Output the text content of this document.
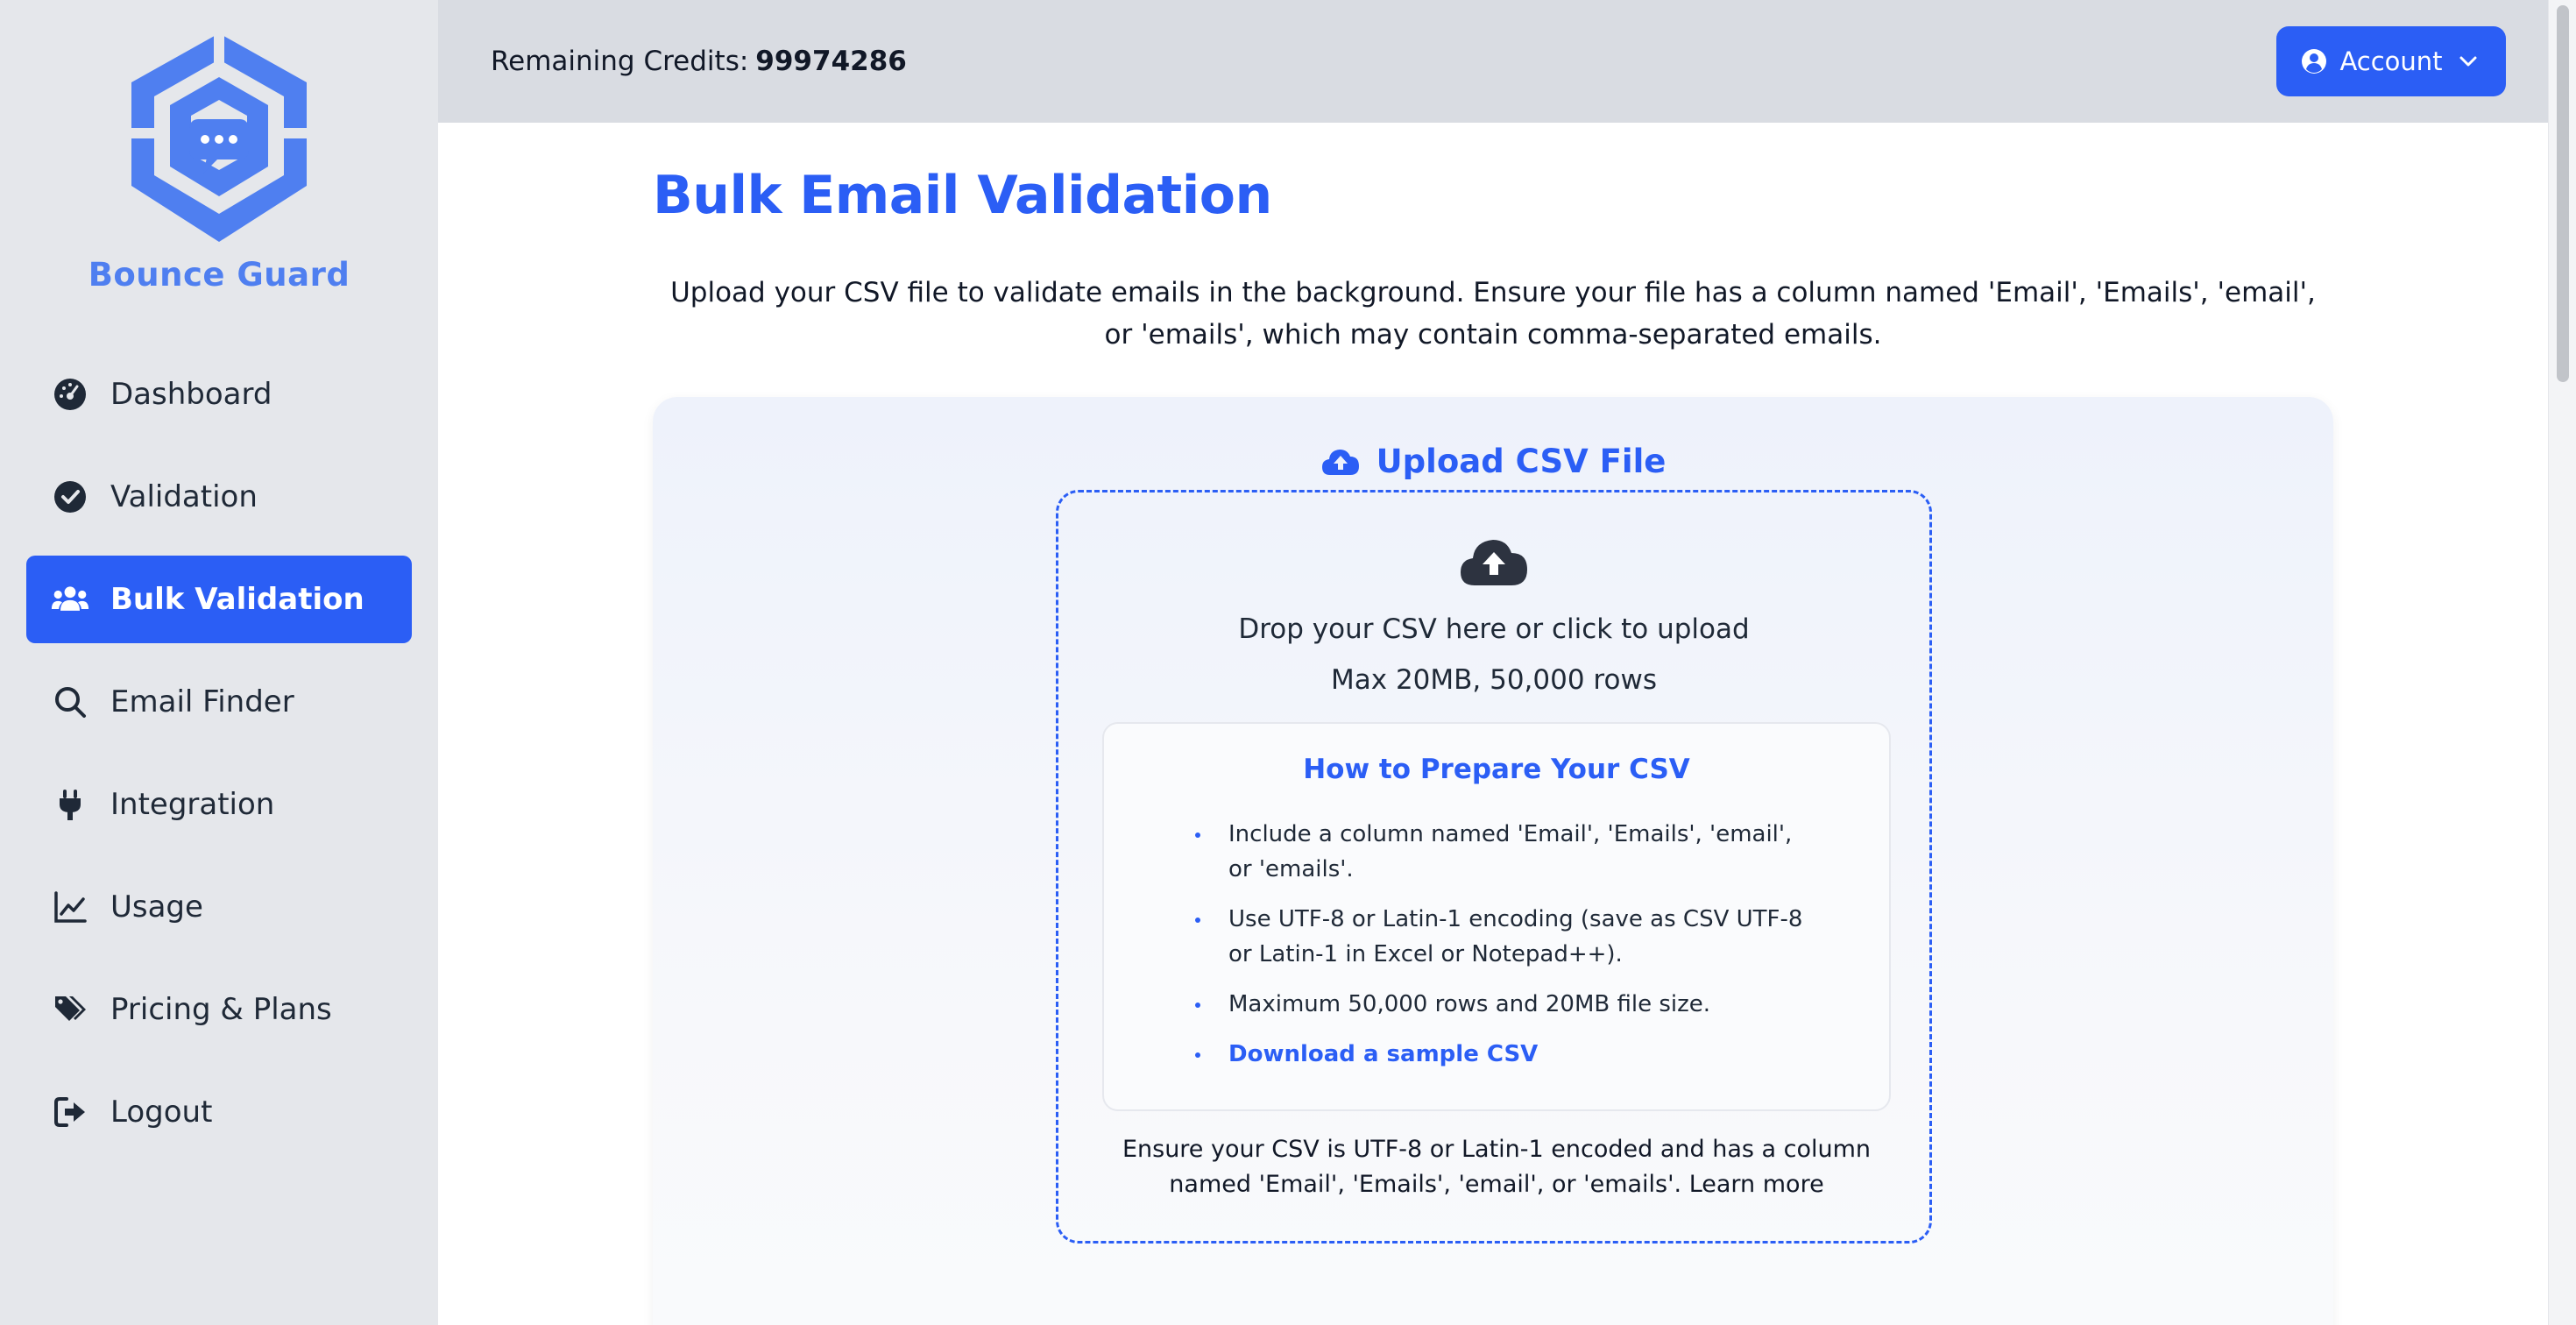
Bounce Guard
Dashboard
Validation
Bulk Validation
Email Finder
Integration
Usage
Pricing & Plans
Logout
Remaining Credits: 99974286	Account
Bulk Email Validation

Upload your CSV file to validate emails in the background. Ensure your file has a column named 'Email', 'Emails', 'email', or 'emails', which may contain comma-separated emails.

Upload CSV File
Drop your CSV here or click to upload
Max 20MB, 50,000 rows
How to Prepare Your CSV
Include a column named 'Email', 'Emails', 'email', or 'emails'.
Use UTF-8 or Latin-1 encoding (save as CSV UTF-8 or Latin-1 in Excel or Notepad++).
Maximum 50,000 rows and 20MB file size.
Download a sample CSV
Ensure your CSV is UTF-8 or Latin-1 encoded and has a column named 'Email', 'Emails', 'email', or 'emails'. Learn more
